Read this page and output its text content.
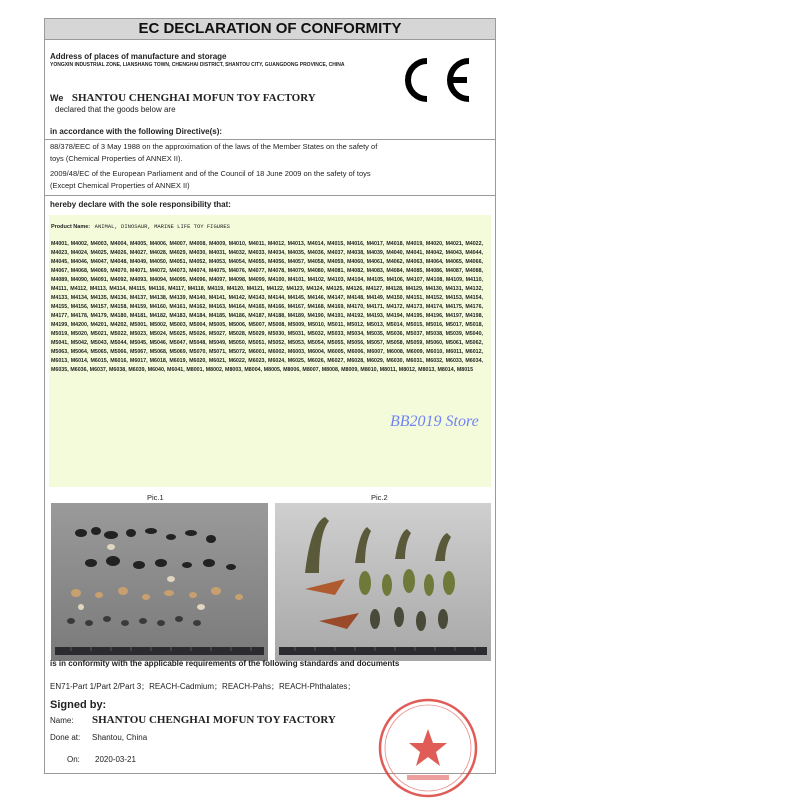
EC DECLARATION OF CONFORMITY
Address of places of manufacture and storage
YONGXIN INDUSTRIAL ZONE, LIANSHANG TOWN, CHENGHAI DISTRICT, SHANTOU CITY, GUANGDONG PROVINCE, CHINA
We SHANTOU CHENGHAI MOFUN TOY FACTORY
declared that the goods below are
in accordance with the following Directive(s):
88/378/EEC of 3 May 1988 on the approximation of the laws of the Member States on the safety of
toys (Chemical Properties of ANNEX II).
2009/48/EC of the European Parliament and of the Council of 18 June 2009 on the safety of toys
(Except Chemical Properties of ANNEX II)
hereby declare with the sole responsibility that:
Product Name: ANIMAL, DINOSAUR, MARINE LIFE TOY FIGURES
M4001, M4002, M4003, M4004, M4005, M4006, M4007, M4008, M4009, M4010, M4011, M4012, M4013, M4014, M4015, M4016, M4017, M4018, M4019, M4020, M4021, M4022, M4023, M4024, M4025, M4026, M4027, M4028, M4029, M4030, M4031, M4032, M4033, M4034, M4035, M4036, M4037, M4038, M4039, M4040, M4041, M4042, M4043, M4044, M4045, M4046, M4047, M4048, M4049, M4050, M4051, M4052, M4053, M4054, M4055, M4056, M4057, M4058, M4059, M4060, M4061, M4062, M4063, M4064, M4065, M4066, M4067, M4068, M4069, M4070, M4071, M4072, M4073, M4074, M4075, M4076, M4077, M4078, M4079, M4080, M4081, M4082, M4083, M4084, M4085, M4086, M4087, M4088, M4089, M4090, M4091, M4092, M4093, M4094, M4095, M4096, M4097, M4098, M4099, M4100, M4101, M4102, M4103, M4104, M4105, M4106, M4107, M4108, M4109, M4110, M4111, M4112, M4113, M4114, M4115, M4116, M4117, M4118, M4119, M4120, M4121, M4122, M4123, M4124, M4125, M4126, M4127, M4128, M4129, M4130, M4131, M4132, M4133, M4134, M4135, M4136, M4137, M4138, M4139, M4140, M4141, M4142, M4143, M4144, M4145, M4146, M4147, M4148, M4149, M4150, M4151, M4152, M4153, M4154, M4155, M4156, M4157, M4158, M4159, M4160, M4161, M4162, M4163, M4164, M4165, M4166, M4167, M4168, M4169, M4170, M4171, M4172, M4173, M4174, M4175, M4176, M4177, M4178, M4179, M4180, M4181, M4182, M4183, M4184, M4185, M4186, M4187, M4188, M4189, M4190, M4191, M4192, M4193, M4194, M4195, M4196, M4197, M4198, M4199, M4200, M4201, M4202, M5001, M5002, M5003, M5004, M5005, M5006, M5007, M5008, M5009, M5010, M5011, M5012, M5013, M5014, M5015, M5016, M5017, M5018, M5019, M5020, M5021, M5022, M5023, M5024, M5025, M5026, M5027, M5028, M5029, M5030, M5031, M5032, M5033, M5034, M5035, M5036, M5037, M5038, M5039, M5040, M5041, M5042, M5043, M5044, M5045, M5046, M5047, M5048, M5049, M5050, M5051, M5052, M5053, M5054, M5055, M5056, M5057, M5058, M5059, M5060, M5061, M5062, M5063, M5064, M5065, M5066, M5067, M5068, M5069, M5070, M5071, M5072, M6001, M6002, M6003, M6004, M6005, M6006, M6007, M6008, M6009, M6010, M6011, M6012, M6013, M6014, M6015, M6016, M6017, M6018, M6019, M6020, M6021, M6022, M6023, M6024, M6025, M6026, M6027, M6028, M6029, M6030, M6031, M6032, M6033, M6034, M6035, M6036, M6037, M6038, M6039, M6040, M6041, M8001, M8002, M8003, M8004, M8005, M8006, M8007, M8008, M8009, M8010, M8011, M8012, M8013, M8014, M8015
Pic.1	Pic.2
is in conformity with the applicable requirements of the following standards and documents
EN71-Part 1/Part 2/Part 3；REACH-Cadmium；REACH-Pahs；REACH-Phthalates；
Signed by:
Name: SHANTOU CHENGHAI MOFUN TOY FACTORY
Done at: Shantou, China
On: 2020-03-21
BB2019 Store
